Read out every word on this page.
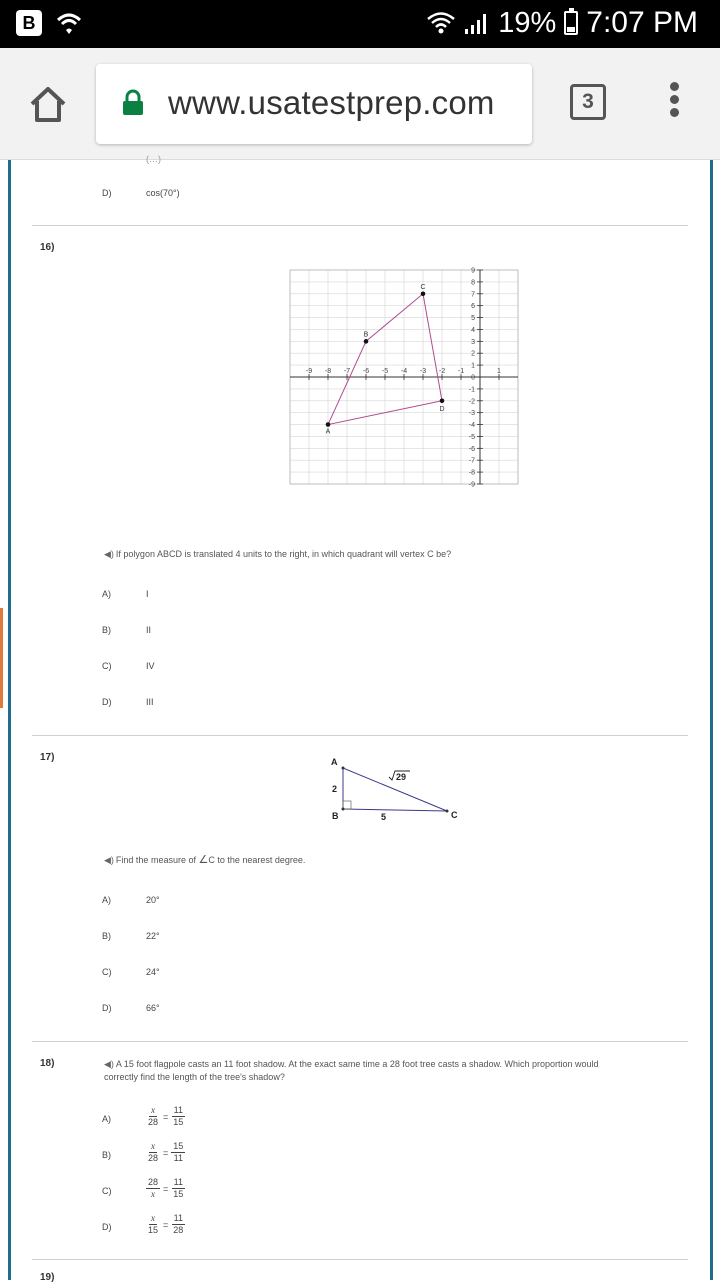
B	19% 7:07 PM
www.usatestprep.com	3
(…)
D)	cos(70°)
16)
-9 -8 -7 -6 -5 -4 -3 -2 -1	1
9
8
7
6
5
4
3
2
1
0
-1
-2
-3
-4
-5
-6
-7
-8
-9
A
B
C
D
◀) If polygon ABCD is translated 4 units to the right, in which quadrant will vertex C be?
A)	I
B)	II
C)	IV
D)	III
17)	A
B	C
2
5
29
◀) Find the measure of ∠C to the nearest degree.
A)	20°
B)	22°
C)	24°
D)	66°
18)	◀) A 15 foot flagpole casts an 11 foot shadow. At the exact same time a 28 foot tree casts a shadow. Which proportion would
correctly find the length of the tree's shadow?
A)	$\frac{x}{28} = \frac{11}{15}$
B)	$\frac{x}{28} = \frac{15}{11}$
C)	$\frac{28}{x} = \frac{11}{15}$
D)	$\frac{x}{15} = \frac{11}{28}$
19)
